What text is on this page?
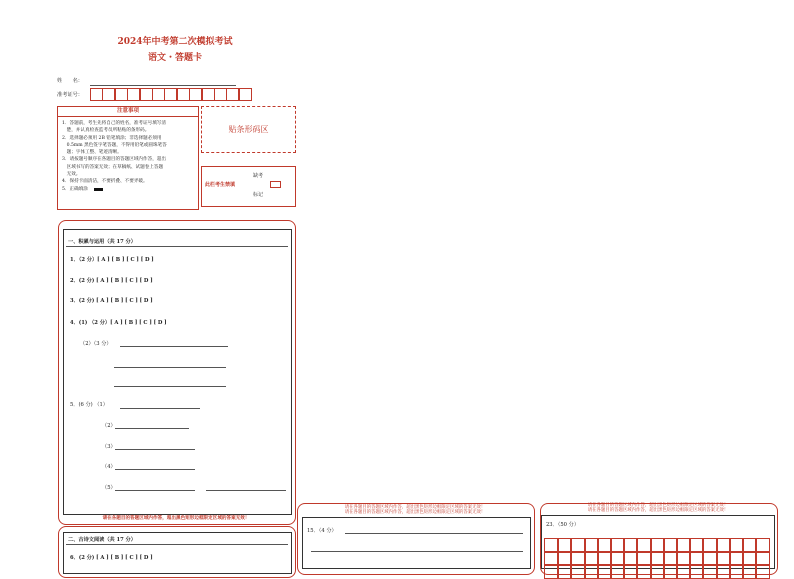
2024年中考第二次模拟考试
语文・答题卡
姓　　名：
准考证号：
注意事项
1．答题前，考生先将自己的姓名，准考证号填写清
　楚，并认真检查监考员所粘贴的条形码。
2．选择题必须用 2B 铅笔填涂；非选择题必须用
　0.5mm 黑色签字笔答题，不得用铅笔或圆珠笔答
　题；字体工整、笔迹清晰。
3．请按题号顺序在各题目的答题区域内作答，超出
　区域书写的答案无效；在草稿纸、试题卷上答题
　无效。
4．保持卡面清洁，不要折叠、不要弄破。
5．正确填涂
贴条形码区
此栏考生禁填
缺考
标记
一、积累与运用（共 17 分）
1．（2 分）[ A ] [ B ] [ C ] [ D ]
2．(2 分) [ A ] [ B ] [ C ] [ D ]
3．(2 分) [ A ] [ B ] [ C ] [ D ]
4．(1) （2 分）[ A ] [ B ] [ C ] [ D ]
（2）（3 分）
5．(6 分) （1）
（2）
（3）
（4）
（5）
请在各题目的答题区域内作答，超出黑色矩形边框限定区域的答案无效！
二、古诗文阅读（共 17 分）
6．(2 分) [ A ] [ B ] [ C ] [ D ]
请在各题目的答题区域内作答，超出黑色矩形边框限定区域的答案无效！
请在各题目的答题区域内作答，超出黑色矩形边框限定区域的答案无效！
15．（4 分）
请在各题目的答题区域内作答，超出黑色矩形边框限定区域的答案无效！
请在各题目的答题区域内作答，超出黑色矩形边框限定区域的答案无效！
23．（50 分）
